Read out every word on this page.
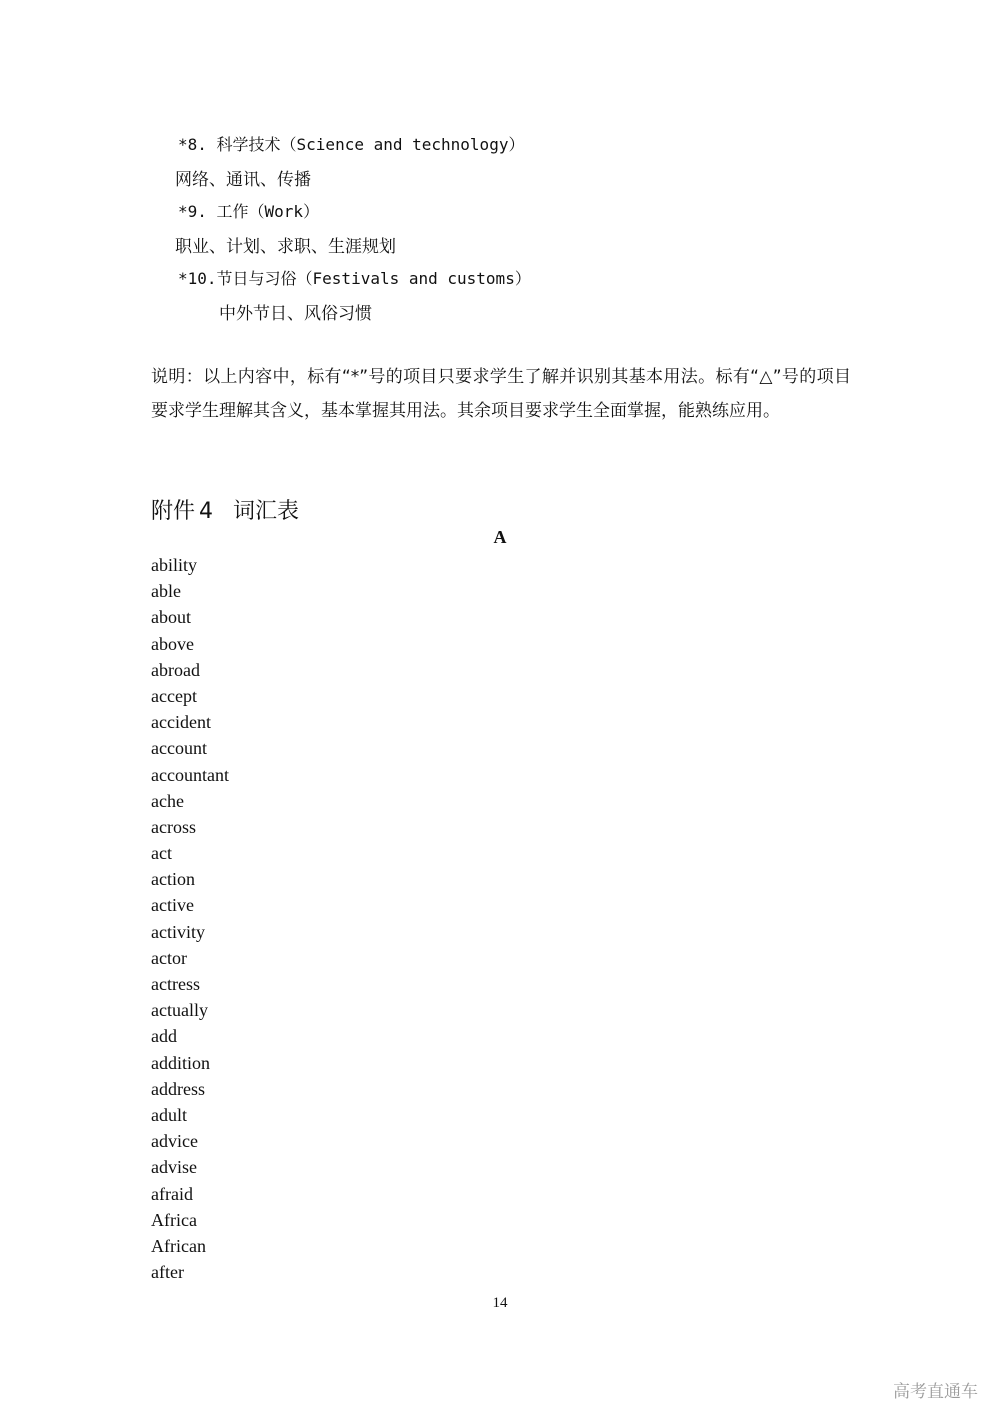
*8. 科学技术（Science and technology）
网络、通讯、传播
*9. 工作（Work）
职业、计划、求职、生涯规划
*10.节日与习俗（Festivals and customs）
中外节日、风俗习惯
说明：以上内容中，标有“*”号的项目只要求学生了解并识别其基本用法。标有“△”号的项目要求学生理解其含义，基本掌握其用法。其余项目要求学生全面掌握，能熟练应用。
附件 4 词汇表
A
ability
able
about
above
abroad
accept
accident
account
accountant
ache
across
act
action
active
activity
actor
actress
actually
add
addition
address
adult
advice
advise
afraid
Africa
African
after
14
高考直通车
